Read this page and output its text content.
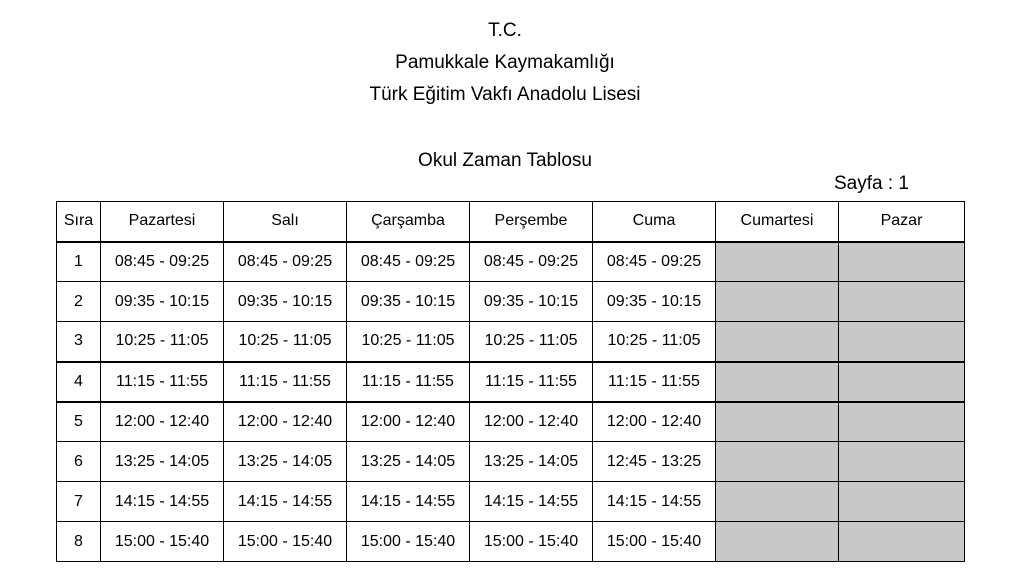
T.C.
Pamukkale Kaymakamlığı
Türk Eğitim Vakfı Anadolu Lisesi
Okul Zaman Tablosu
Sayfa : 1
Sıra	Pazartesi	Salı	Çarşamba	Perşembe	Cuma	Cumartesi	Pazar
1	08:45 - 09:25	08:45 - 09:25	08:45 - 09:25	08:45 - 09:25	08:45 - 09:25		
2	09:35 - 10:15	09:35 - 10:15	09:35 - 10:15	09:35 - 10:15	09:35 - 10:15		
3	10:25 - 11:05	10:25 - 11:05	10:25 - 11:05	10:25 - 11:05	10:25 - 11:05		
4	11:15 - 11:55	11:15 - 11:55	11:15 - 11:55	11:15 - 11:55	11:15 - 11:55		
5	12:00 - 12:40	12:00 - 12:40	12:00 - 12:40	12:00 - 12:40	12:00 - 12:40		
6	13:25 - 14:05	13:25 - 14:05	13:25 - 14:05	13:25 - 14:05	12:45 - 13:25		
7	14:15 - 14:55	14:15 - 14:55	14:15 - 14:55	14:15 - 14:55	14:15 - 14:55		
8	15:00 - 15:40	15:00 - 15:40	15:00 - 15:40	15:00 - 15:40	15:00 - 15:40		
